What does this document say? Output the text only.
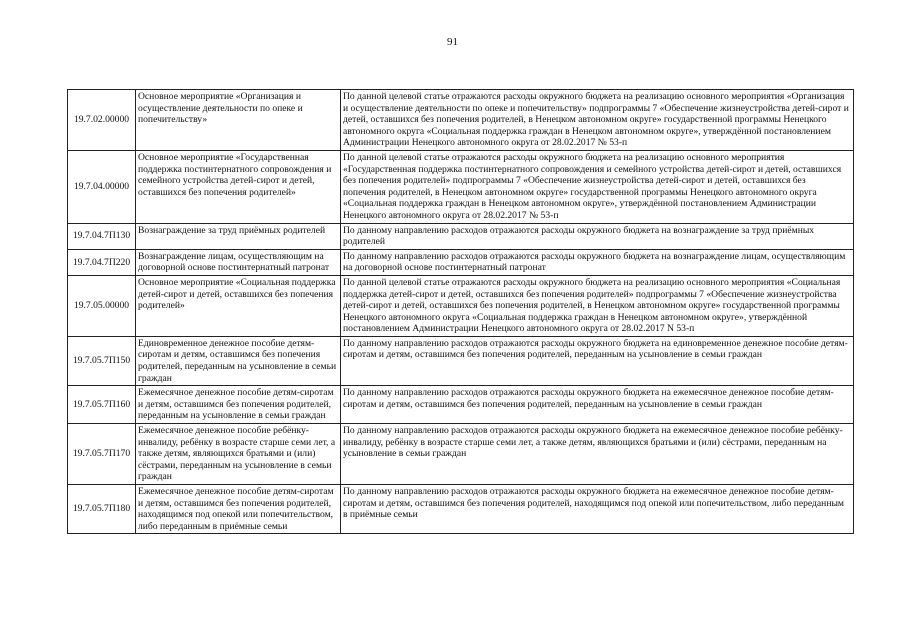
91
19.7.02.00000	Основное мероприятие «Организация и осуществление деятельности по опеке и попечительству»	По данной целевой статье отражаются расходы окружного бюджета на реализацию основного мероприятия «Организация и осуществление деятельности по опеке и попечительству» подпрограммы 7 «Обеспечение жизнеустройства детей-сирот и детей, оставшихся без попечения родителей, в Ненецком автономном округе» государственной программы Ненецкого автономного округа «Социальная поддержка граждан в Ненецком автономном округе», утверждённой постановлением Администрации Ненецкого автономного округа от 28.02.2017 № 53-п
19.7.04.00000	Основное мероприятие «Государственная поддержка постинтернатного сопровождения и семейного устройства детей-сирот и детей, оставшихся без попечения родителей»	По данной целевой статье отражаются расходы окружного бюджета на реализацию основного мероприятия «Государственная поддержка постинтернатного сопровождения и семейного устройства детей-сирот и детей, оставшихся без попечения родителей» подпрограммы 7 «Обеспечение жизнеустройства детей-сирот и детей, оставшихся без попечения родителей, в Ненецком автономном округе» государственной программы Ненецкого автономного округа «Социальная поддержка граждан в Ненецком автономном округе», утверждённой постановлением Администрации Ненецкого автономного округа от 28.02.2017 № 53-п
19.7.04.7П130	Вознаграждение за труд приёмных родителей	По данному направлению расходов отражаются расходы окружного бюджета на вознаграждение за труд приёмных родителей
19.7.04.7П220	Вознаграждение лицам, осуществляющим на договорной основе постинтернатный патронат	По данному направлению расходов отражаются расходы окружного бюджета на вознаграждение лицам, осуществляющим на договорной основе постинтернатный патронат
19.7.05.00000	Основное мероприятие «Социальная поддержка детей-сирот и детей, оставшихся без попечения родителей»	По данной целевой статье отражаются расходы окружного бюджета на реализацию основного мероприятия «Социальная поддержка детей-сирот и детей, оставшихся без попечения родителей» подпрограммы 7 «Обеспечение жизнеустройства детей-сирот и детей, оставшихся без попечения родителей, в Ненецком автономном округе» государственной программы Ненецкого автономного округа «Социальная поддержка граждан в Ненецком автономном округе», утверждённой постановлением Администрации Ненецкого автономного округа от 28.02.2017 N 53-п
19.7.05.7П150	Единовременное денежное пособие детям-сиротам и детям, оставшимся без попечения родителей, переданным на усыновление в семьи граждан	По данному направлению расходов отражаются расходы окружного бюджета на единовременное денежное пособие детям-сиротам и детям, оставшимся без попечения родителей, переданным на усыновление в семьи граждан
19.7.05.7П160	Ежемесячное денежное пособие детям-сиротам и детям, оставшимся без попечения родителей, переданным на усыновление в семьи граждан	По данному направлению расходов отражаются расходы окружного бюджета на ежемесячное денежное пособие детям-сиротам и детям, оставшимся без попечения родителей, переданным на усыновление в семьи граждан
19.7.05.7П170	Ежемесячное денежное пособие ребёнку-инвалиду, ребёнку в возрасте старше семи лет, а также детям, являющихся братьями и (или) сёстрами, переданным на усыновление в семьи граждан	По данному направлению расходов отражаются расходы окружного бюджета на ежемесячное денежное пособие ребёнку-инвалиду, ребёнку в возрасте старше семи лет, а также детям, являющихся братьями и (или) сёстрами, переданным на усыновление в семьи граждан
19.7.05.7П180	Ежемесячное денежное пособие детям-сиротам и детям, оставшимся без попечения родителей, находящимся под опекой или попечительством, либо переданным в приёмные семьи	По данному направлению расходов отражаются расходы окружного бюджета на ежемесячное денежное пособие детям-сиротам и детям, оставшимся без попечения родителей, находящимся под опекой или попечительством, либо переданным в приёмные семьи
